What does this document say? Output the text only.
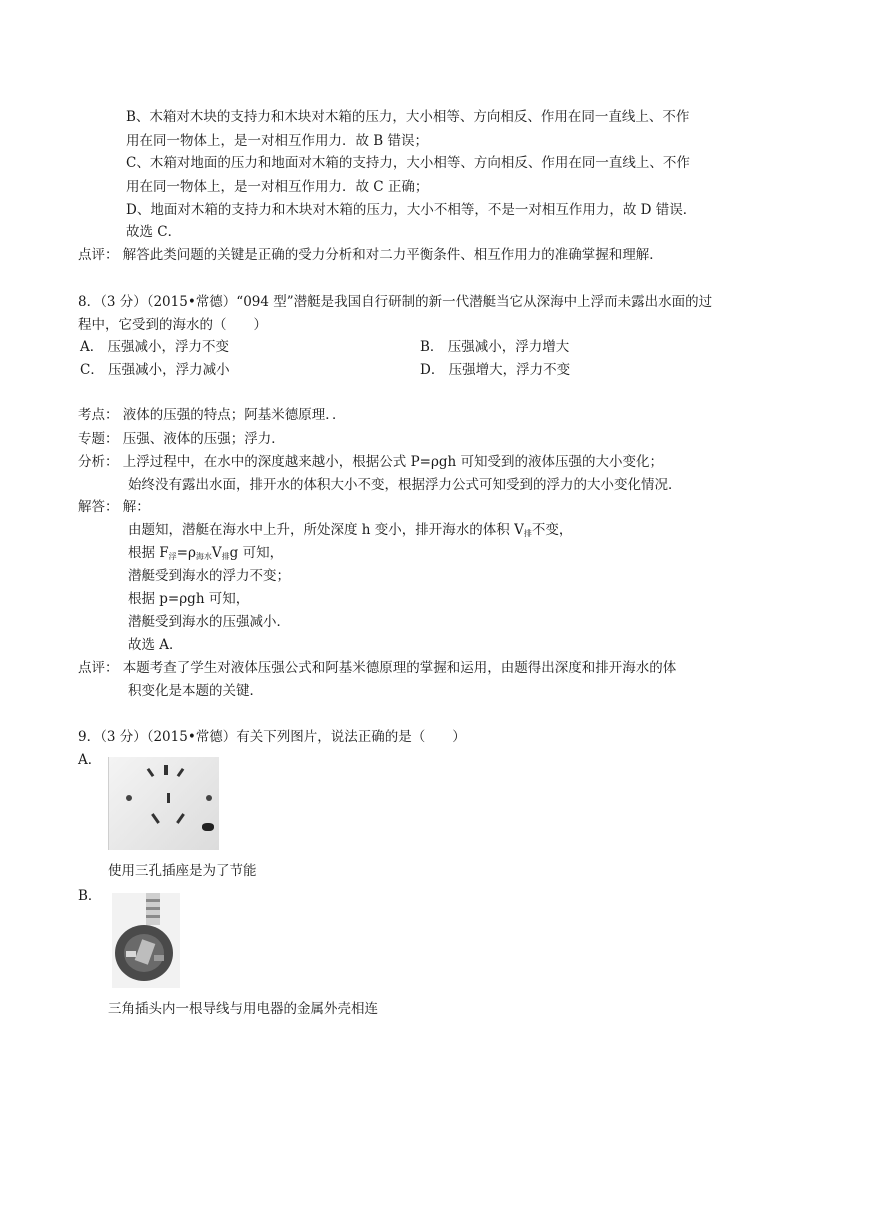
B、木箱对木块的支持力和木块对木箱的压力，大小相等、方向相反、作用在同一直线上、不作
用在同一物体上，是一对相互作用力．故 B 错误；
C、木箱对地面的压力和地面对木箱的支持力，大小相等、方向相反、作用在同一直线上、不作
用在同一物体上，是一对相互作用力．故 C 正确；
D、地面对木箱的支持力和木块对木箱的压力，大小不相等，不是一对相互作用力，故 D 错误．
故选 C．
点评： 解答此类问题的关键是正确的受力分析和对二力平衡条件、相互作用力的准确掌握和理解．
8．（3 分）（2015•常德）“094 型”潜艇是我国自行研制的新一代潜艇当它从深海中上浮而未露出水面的过
程中，它受到的海水的（　　）
A． 压强减小，浮力不变	B． 压强减小，浮力增大
C． 压强减小，浮力减小	D． 压强增大，浮力不变
考点： 液体的压强的特点；阿基米德原理．．
专题： 压强、液体的压强；浮力．
分析： 上浮过程中，在水中的深度越来越小，根据公式 P=ρgh 可知受到的液体压强的大小变化；
始终没有露出水面，排开水的体积大小不变，根据浮力公式可知受到的浮力的大小变化情况．
解答： 解：
由题知，潜艇在海水中上升，所处深度 h 变小，排开海水的体积 $V_排$不变，
根据 $F_浮=\rho_{海水}V_排g$ 可知，
潜艇受到海水的浮力不变；
根据 p=ρgh 可知，
潜艇受到海水的压强减小．
故选 A．
点评： 本题考查了学生对液体压强公式和阿基米德原理的掌握和运用，由题得出深度和排开海水的体
积变化是本题的关键．
9．（3 分）（2015•常德）有关下列图片，说法正确的是（　　）
A．
使用三孔插座是为了节能
B．
三角插头内一根导线与用电器的金属外壳相连
